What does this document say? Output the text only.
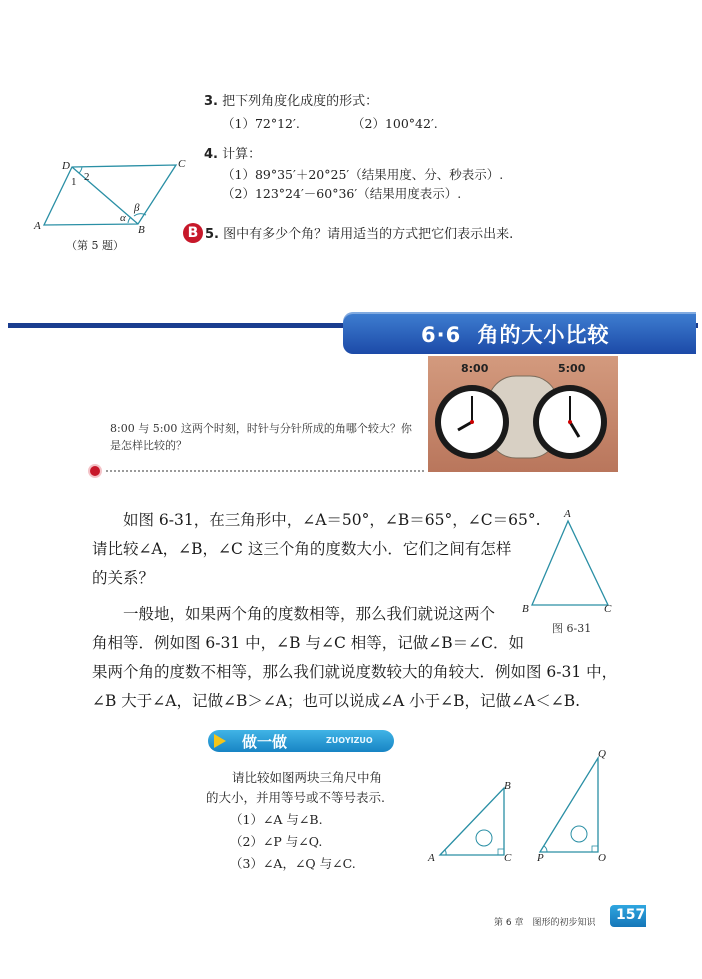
3. 把下列角度化成度的形式：
（1）72°12′.	（2）100°42′.
4. 计算：
（1）89°35′＋20°25′（结果用度、分、秒表示）.
（2）123°24′－60°36′（结果用度表示）.
B 5. 图中有多少个角？请用适当的方式把它们表示出来.
D	C
A	B
1 2
α
β
（第 5 题）
6·6 角的大小比较
8:00	5:00
8:00 与 5:00 这两个时刻，时针与分针所成的角哪个较大？你是怎样比较的？
如图 6-31，在三角形中，∠A＝50°，∠B＝65°，∠C＝65°.
请比较∠A，∠B，∠C 这三个角的度数大小．它们之间有怎样
的关系？
一般地，如果两个角的度数相等，那么我们就说这两个
角相等．例如图 6-31 中，∠B 与∠C 相等，记做∠B＝∠C．如
果两个角的度数不相等，那么我们就说度数较大的角较大．例如图 6-31 中，
∠B 大于∠A，记做∠B＞∠A；也可以说成∠A 小于∠B，记做∠A＜∠B.
A
B	C
图 6-31
做一做	ZUOYIZUO
请比较如图两块三角尺中角
的大小，并用等号或不等号表示.
（1）∠A 与∠B.
（2）∠P 与∠Q.
（3）∠A，∠Q 与∠C.	A
B
C P
Q
O
第 6 章　图形的初步知识 157
